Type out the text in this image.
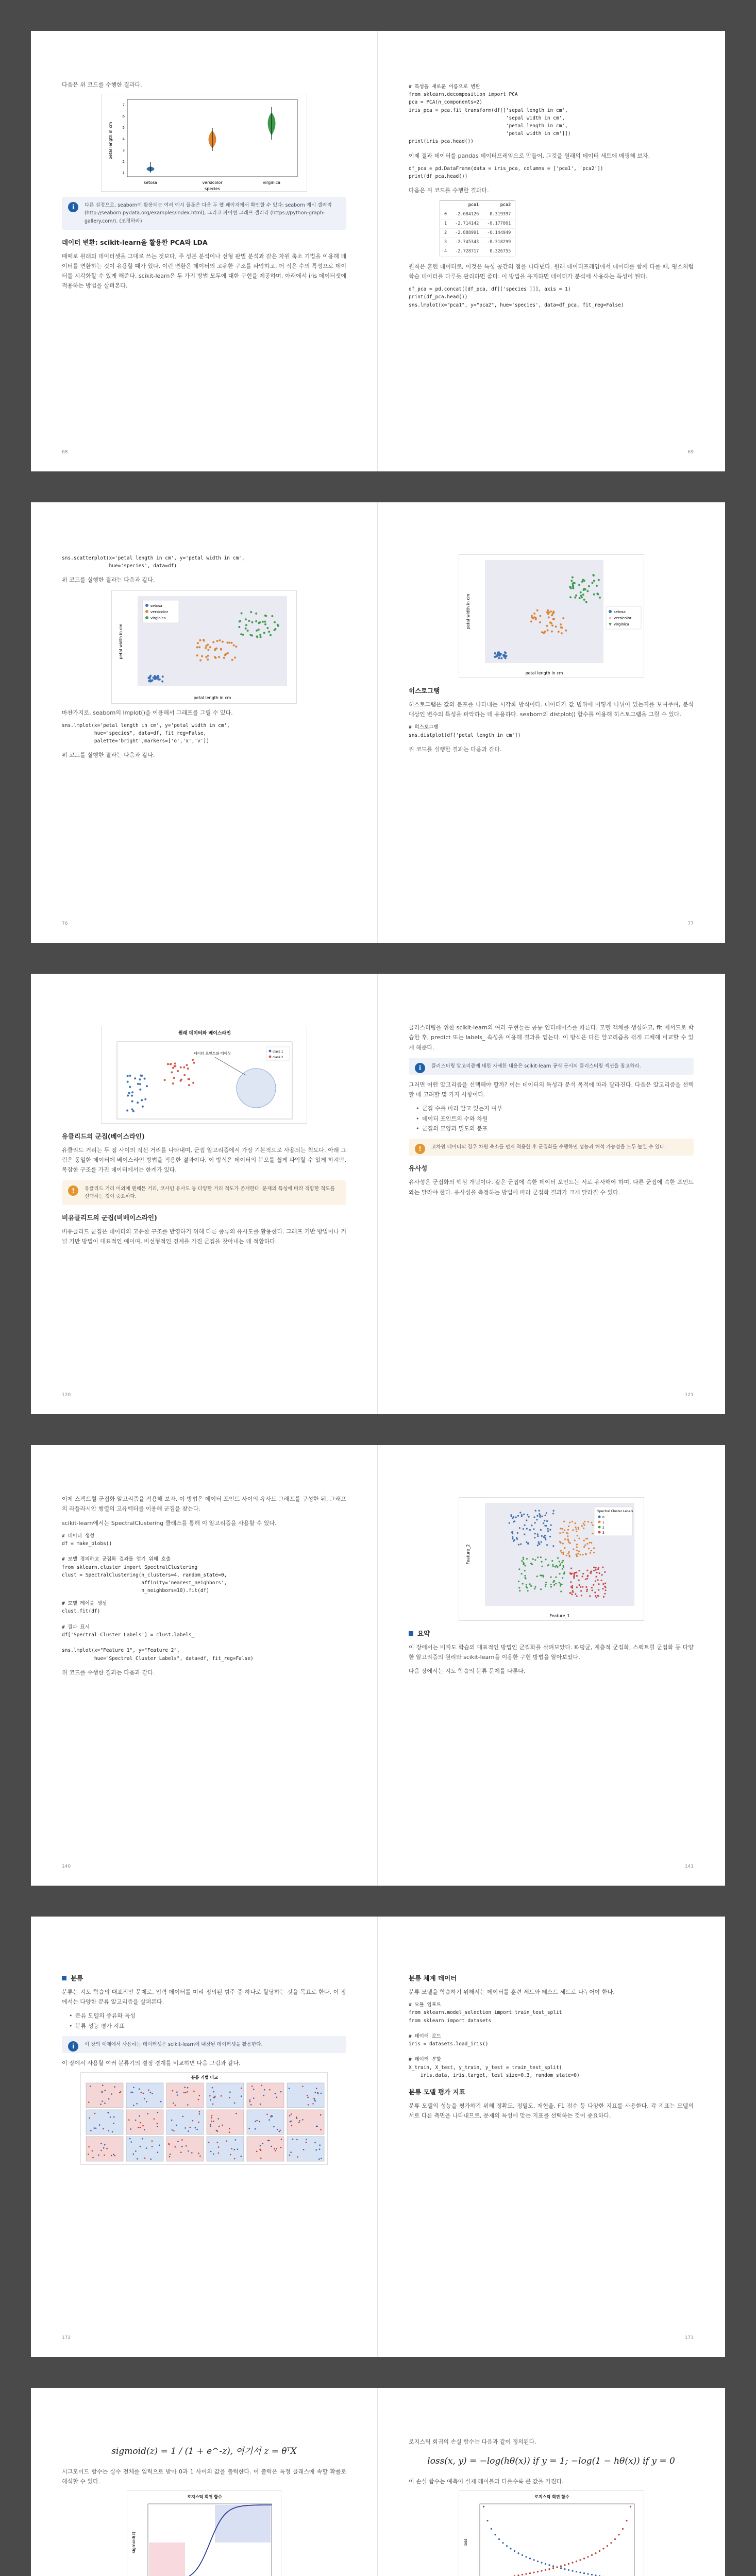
다음은 위 코드를 수행한 결과다.
setosa	versicolor	virginica
species
petal length in cm
1
2
3
4
5
6
7
i	다른 설정으로, seaborn이 활용되는 여러 예시 플롯은 다음 두 웹 페이지에서 확인할 수 있다: seaborn 예시 갤러리 (http://seaborn.pydata.org/examples/index.html), 그리고 파이썬 그래프 갤러리 (https://python-graph-gallery.com/). (조정하라)
데이터 변환: scikit-learn을 활용한 PCA와 LDA
때때로 원래의 데이터셋을 그대로 쓰는 것보다, 주 성분 분석이나 선형 판별 분석과 같은 차원 축소 기법을 이용해 데이터를 변환하는 것이 유용할 때가 있다. 이런 변환은 데이터의 고유한 구조를 파악하고, 더 적은 수의 특성으로 데이터를 시각화할 수 있게 해준다. scikit-learn은 두 가지 방법 모두에 대한 구현을 제공하며, 아래에서 iris 데이터셋에 적용하는 방법을 살펴본다.
68
# 특성을 새로운 이름으로 변환
from sklearn.decomposition import PCA
pca = PCA(n_components=2)
iris_pca = pca.fit_transform(df[['sepal length in cm',
'sepal width in cm',
'petal length in cm',
'petal width in cm']])
print(iris_pca.head())
이제 결과 데이터를 pandas 데이터프레임으로 만들어, 그것을 원래의 데이터 세트에 매핑해 보자.
df_pca = pd.DataFrame(data = iris_pca, columns = ['pca1', 'pca2'])
print(df_pca.head())
다음은 위 코드를 수행한 결과다.
	pca1	pca2
0	-2.684126	0.319397
1	-2.714142	-0.177001
2	-2.888991	-0.144949
3	-2.745343	-0.318299
4	-2.728717	0.326755
원칙은 훈련 데이터로, 이것은 특성 공간의 점을 나타낸다. 원래 데이터프레임에서 데이터를 함께 다룰 때, 평소처럼 학습 데이터를 다루듯 관리하면 좋다. 이 방법을 유지하면 데이터가 분석에 사용하는 특성이 된다.
df_pca = pd.concat([df_pca, df[['species']]], axis = 1)
print(df_pca.head())
sns.lmplot(x="pca1", y="pca2", hue='species', data=df_pca, fit_reg=False)
69
sns.scatterplot(x='petal length in cm', y='petal width in cm',
hue='species', data=df)
위 코드를 실행한 결과는 다음과 같다.
setosa
versicolor
virginica
petal length in cm
petal width in cm
마찬가지로, seaborn의 lmplot()을 이용해서 그래프를 그릴 수 있다.
sns.lmplot(x='petal length in cm', y='petal width in cm',
hue="species", data=df, fit_reg=False,
palette='bright',markers=['o','x','v'])
위 코드를 실행한 결과는 다음과 같다.
76
setosa
× versicolor
virginica
petal length in cm
petal width in cm
히스토그램
히스토그램은 값의 분포를 나타내는 시각화 방식이다. 데이터가 값 범위에 어떻게 나뉘어 있는지를 보여주며, 분석 대상인 변수의 특성을 파악하는 데 유용하다. seaborn의 distplot() 함수를 이용해 히스토그램을 그릴 수 있다.
# 히스토그램
sns.distplot(df['petal length in cm'])
위 코드를 실행한 결과는 다음과 같다.
77
원래 데이터와 베이스라인
데이터 포인트와 메이싱	class 1
class 2
유클리드의 군집(베이스라인)
유클리드 거리는 두 점 사이의 직선 거리를 나타내며, 군집 알고리즘에서 가장 기본적으로 사용되는 척도다. 아래 그림은 동일한 데이터에 베이스라인 방법을 적용한 결과이다. 이 방식은 데이터의 분포를 쉽게 파악할 수 있게 하지만, 복잡한 구조를 가진 데이터에서는 한계가 있다.
!	유클리드 거리 이외에 맨해튼 거리, 코사인 유사도 등 다양한 거리 척도가 존재한다. 문제의 특성에 따라 적합한 척도를 선택하는 것이 중요하다.
비유클리드의 군집(비베이스라인)
비유클리드 군집은 데이터의 고유한 구조를 반영하기 위해 다른 종류의 유사도를 활용한다. 그래프 기반 방법이나 커널 기반 방법이 대표적인 예이며, 비선형적인 경계를 가진 군집을 찾아내는 데 적합하다.
120
클러스터링을 위한 scikit-learn의 여러 구현들은 공통 인터페이스를 따른다. 모델 객체를 생성하고, fit 메서드로 학습한 후, predict 또는 labels_ 속성을 이용해 결과를 얻는다. 이 방식은 다른 알고리즘을 쉽게 교체해 비교할 수 있게 해준다.
i	클러스터링 알고리즘에 대한 자세한 내용은 scikit-learn 공식 문서의 클러스터링 섹션을 참고하라.
그러면 어떤 알고리즘을 선택해야 할까? 이는 데이터의 특성과 분석 목적에 따라 달라진다. 다음은 알고리즘을 선택할 때 고려할 몇 가지 사항이다.
• 군집 수를 미리 알고 있는지 여부
• 데이터 포인트의 수와 차원
• 군집의 모양과 밀도의 분포
!	고차원 데이터의 경우 차원 축소를 먼저 적용한 후 군집화를 수행하면 성능과 해석 가능성을 모두 높일 수 있다.
유사성
유사성은 군집화의 핵심 개념이다. 같은 군집에 속한 데이터 포인트는 서로 유사해야 하며, 다른 군집에 속한 포인트와는 달라야 한다. 유사성을 측정하는 방법에 따라 군집화 결과가 크게 달라질 수 있다.
121
이제 스펙트럴 군집화 알고리즘을 적용해 보자. 이 방법은 데이터 포인트 사이의 유사도 그래프를 구성한 뒤, 그래프의 라플라시안 행렬의 고유벡터를 이용해 군집을 찾는다.
scikit-learn에서는 SpectralClustering 클래스를 통해 이 알고리즘을 사용할 수 있다.
# 데이터 생성
df = make_blobs()

# 모델 정의하고 군집화 결과를 얻기 위해 호출
from sklearn.cluster import SpectralClustering
clust = SpectralClustering(n_clusters=4, random_state=0,
affinity='nearest_neighbors',
n_neighbors=10).fit(df)
# 모델 레이블 생성
clust.fit(df)

# 결과 표시
df['Spectral Cluster Labels'] = clust.labels_

sns.lmplot(x="Feature_1", y="Feature_2",
hue="Spectral Cluster Labels", data=df, fit_reg=False)
위 코드를 수행한 결과는 다음과 같다.
140
Spectral Cluster Labels
0
1
2
3
Feature_1
Feature_2
요약
이 장에서는 비지도 학습의 대표적인 방법인 군집화를 살펴보았다. K-평균, 계층적 군집화, 스펙트럴 군집화 등 다양한 알고리즘의 원리와 scikit-learn을 이용한 구현 방법을 알아보았다.
다음 장에서는 지도 학습의 분류 문제를 다룬다.
141
분류
분류는 지도 학습의 대표적인 문제로, 입력 데이터를 미리 정의된 범주 중 하나로 할당하는 것을 목표로 한다. 이 장에서는 다양한 분류 알고리즘을 살펴본다.
• 분류 모델의 종류와 특성
• 분류 성능 평가 지표
i	이 장의 예제에서 사용하는 데이터셋은 scikit-learn에 내장된 데이터셋을 활용한다.
이 장에서 사용할 여러 분류기의 결정 경계를 비교하면 다음 그림과 같다.
분류 기법 비교
172
분류 체계 데이터
분류 모델을 학습하기 위해서는 데이터를 훈련 세트와 테스트 세트로 나누어야 한다.
# 모듈 임포트
from sklearn.model_selection import train_test_split
from sklearn import datasets

# 데이터 로드
iris = datasets.load_iris()

# 데이터 분할
X_train, X_test, y_train, y_test = train_test_split(
iris.data, iris.target, test_size=0.3, random_state=0)
분류 모델 평가 지표
분류 모델의 성능을 평가하기 위해 정확도, 정밀도, 재현율, F1 점수 등 다양한 지표를 사용한다. 각 지표는 모델의 서로 다른 측면을 나타내므로, 문제의 특성에 맞는 지표를 선택하는 것이 중요하다.
173
sigmoid(z) = 1 / (1 + e^-z), 여기서 z = θᵀX
시그모이드 함수는 실수 전체를 입력으로 받아 0과 1 사이의 값을 출력한다. 이 출력은 특정 클래스에 속할 확률로 해석할 수 있다.
로지스틱 회귀 함수
sigmoid(z)
로지스틱 회귀의 손실 함수는 다음과 같이 정의된다.
loss(x, y) = −log(hθ(x)) if y = 1; −log(1 − hθ(x)) if y = 0
이 손실 함수는 예측이 실제 레이블과 다를수록 큰 값을 가진다.
로지스틱 회귀 함수
loss
